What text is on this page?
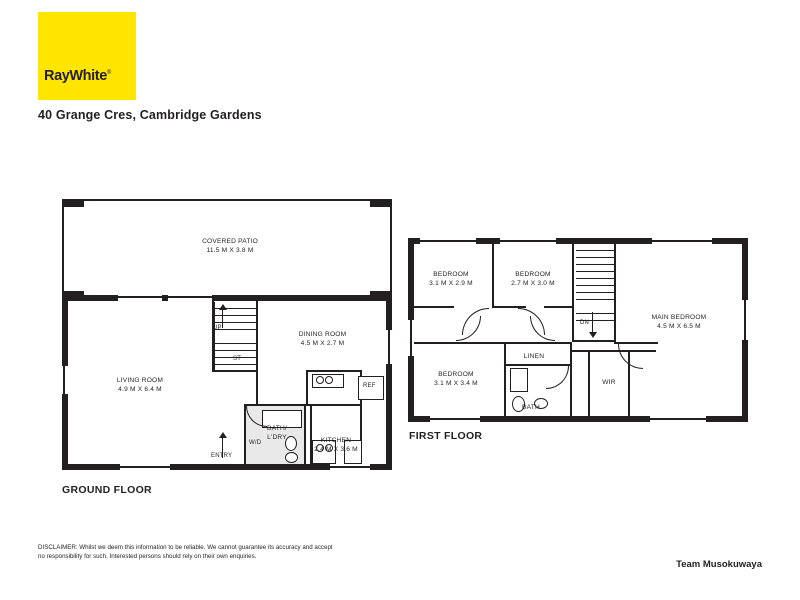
RayWhite®
40 Grange Cres, Cambridge Gardens
COVERED PATIO
11.5 M X 3.8 M
LIVING ROOM
4.9 M X 6.4 M
DINING ROOM
4.5 M X 2.7 M
UP
ST
BATH/
L'DRY
W/D
REF
KITCHEN
2.4 M X 3.6 M
ENTRY
GROUND FLOOR
DN
BEDROOM
3.1 M X 2.9 M
BEDROOM
2.7 M X 3.0 M
MAIN BEDROOM
4.5 M X 6.5 M
BEDROOM
3.1 M X 3.4 M
LINEN
BATH
WIR
FIRST FLOOR
DISCLAIMER: Whilst we deem this information to be reliable. We cannot guarantee its accuracy and accept no responsibility for such. Interested persons should rely on their own enquiries.
Team Musokuwaya
